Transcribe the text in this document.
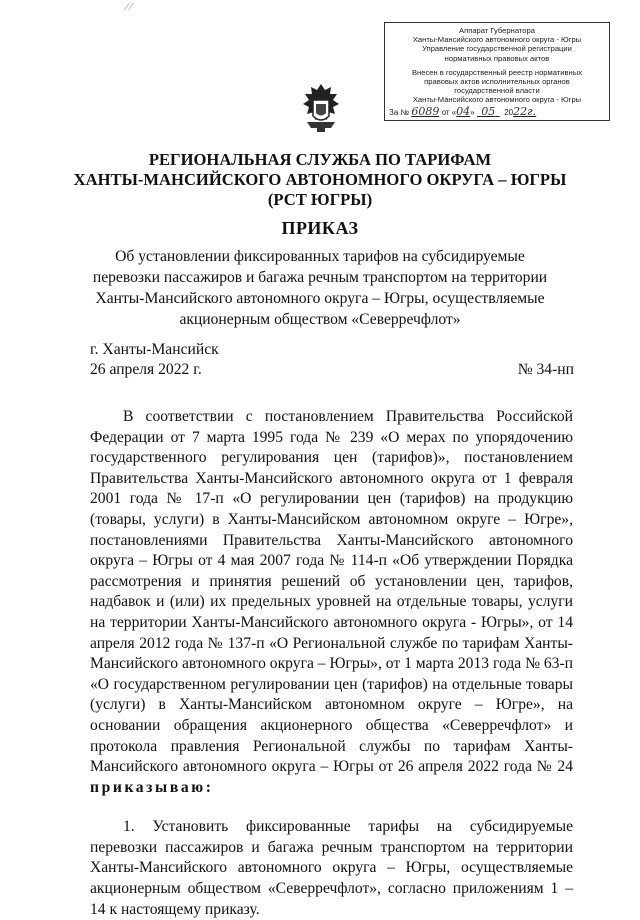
⁄ ⁄
Аппарат Губернатора
Ханты-Мансийского автономного округа - Югры
Управление государственной регистрации
нормативных правовых актов
Внесен в государственный реестр нормативных
правовых актов исполнительных органов
государственной власти
Ханты-Мансийского автономного округа - Югры
За № 6089 от «04»   05 2022г.
РЕГИОНАЛЬНАЯ СЛУЖБА ПО ТАРИФАМ
ХАНТЫ-МАНСИЙСКОГО АВТОНОМНОГО ОКРУГА – ЮГРЫ
(РСТ ЮГРЫ)
ПРИКАЗ
Об установлении фиксированных тарифов на субсидируемые перевозки пассажиров и багажа речным транспортом на территории Ханты-Мансийского автономного округа – Югры, осуществляемые акционерным обществом «Северречфлот»
г. Ханты-Мансийск
26 апреля 2022 г.	№ 34-нп

В соответствии с постановлением Правительства Российской Федерации от 7 марта 1995 года № 239 «О мерах по упорядочению государственного регулирования цен (тарифов)», постановлением Правительства Ханты-Мансийского автономного округа от 1 февраля 2001 года № 17-п «О регулировании цен (тарифов) на продукцию (товары, услуги) в Ханты-Мансийском автономном округе – Югре», постановлениями Правительства Ханты-Мансийского автономного округа – Югры от 4 мая 2007 года № 114-п «Об утверждении Порядка рассмотрения и принятия решений об установлении цен, тарифов, надбавок и (или) их предельных уровней на отдельные товары, услуги на территории Ханты-Мансийского автономного округа - Югры», от 14 апреля 2012 года № 137-п «О Региональной службе по тарифам Ханты-Мансийского автономного округа – Югры», от 1 марта 2013 года № 63-п «О государственном регулировании цен (тарифов) на отдельные товары (услуги) в Ханты-Мансийском автономном округе – Югре», на основании обращения акционерного общества «Северречфлот» и протокола правления Региональной службы по тарифам Ханты-Мансийского автономного округа – Югры от 26 апреля 2022 года № 24 приказываю:

1. Установить фиксированные тарифы на субсидируемые перевозки пассажиров и багажа речным транспортом на территории Ханты-Мансийского автономного округа – Югры, осуществляемые акционерным обществом «Северречфлот», согласно приложениям 1 – 14 к настоящему приказу.
